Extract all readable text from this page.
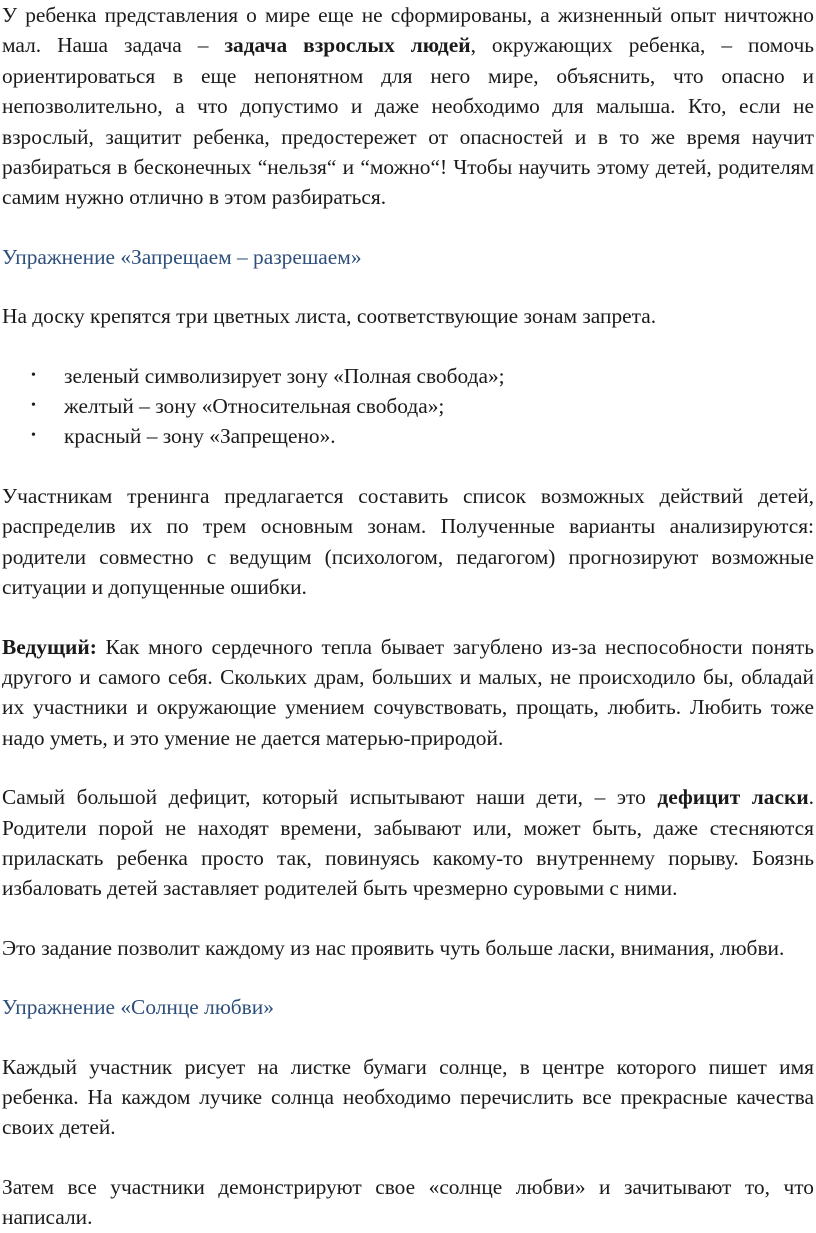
У ребенка представления о мире еще не сформированы, а жизненный опыт ничтожно мал. Наша задача – задача взрослых людей, окружающих ребенка, – помочь ориентироваться в еще непонятном для него мире, объяснить, что опасно и непозволительно, а что допустимо и даже необходимо для малыша. Кто, если не взрослый, защитит ребенка, предостережет от опасностей и в то же время научит разбираться в бесконечных “нельзя“ и “можно“! Чтобы научить этому детей, родителям самим нужно отлично в этом разбираться.

Упражнение «Запрещаем – разрешаем»

На доску крепятся три цветных листа, соответствующие зонам запрета.

• зеленый символизирует зону «Полная свобода»;
• желтый – зону «Относительная свобода»;
• красный – зону «Запрещено».

Участникам тренинга предлагается составить список возможных действий детей, распределив их по трем основным зонам. Полученные варианты анализируются: родители совместно с ведущим (психологом, педагогом) прогнозируют возможные ситуации и допущенные ошибки.

Ведущий: Как много сердечного тепла бывает загублено из-за неспособности понять другого и самого себя. Скольких драм, больших и малых, не происходило бы, обладай их участники и окружающие умением сочувствовать, прощать, любить. Любить тоже надо уметь, и это умение не дается матерью-природой.

Самый большой дефицит, который испытывают наши дети, – это дефицит ласки. Родители порой не находят времени, забывают или, может быть, даже стесняются приласкать ребенка просто так, повинуясь какому-то внутреннему порыву. Боязнь избаловать детей заставляет родителей быть чрезмерно суровыми с ними.

Это задание позволит каждому из нас проявить чуть больше ласки, внимания, любви.

Упражнение «Солнце любви»

Каждый участник рисует на листке бумаги солнце, в центре которого пишет имя ребенка. На каждом лучике солнца необходимо перечислить все прекрасные качества своих детей.

Затем все участники демонстрируют свое «солнце любви» и зачитывают то, что написали.
